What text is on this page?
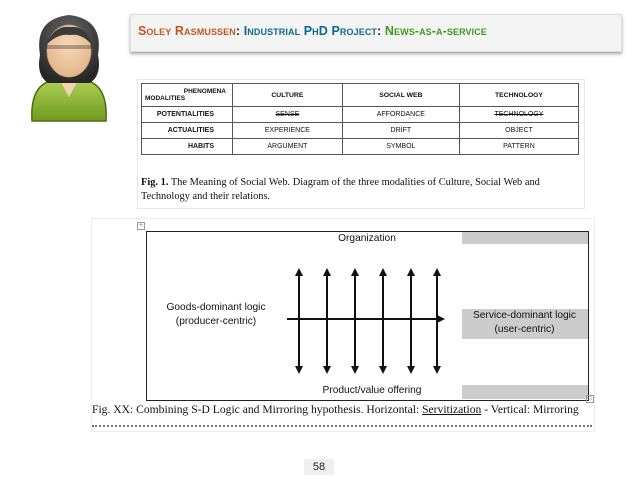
Soley Rasmussen: Industrial PhD Project: News-as-a-service
PHENOMENA
MODALITIES	CULTURE	SOCIAL WEB	TECHNOLOGY
POTENTIALITIES	SENSE	AFFORDANCE	TECHNOLOGY
ACTUALITIES	EXPERIENCE	DRIFT	OBJECT
HABITS	ARGUMENT	SYMBOL	PATTERN
Fig. 1. The Meaning of Social Web. Diagram of the three modalities of Culture, Social Web and Technology and their relations.
+
Organization
Product/value offering
Goods-dominant logic
(producer-centric)
Service-dominant logic
(user-centric)
□
Fig. XX: Combining S-D Logic and Mirroring hypothesis. Horizontal: Servitization - Vertical: Mirroring
58
